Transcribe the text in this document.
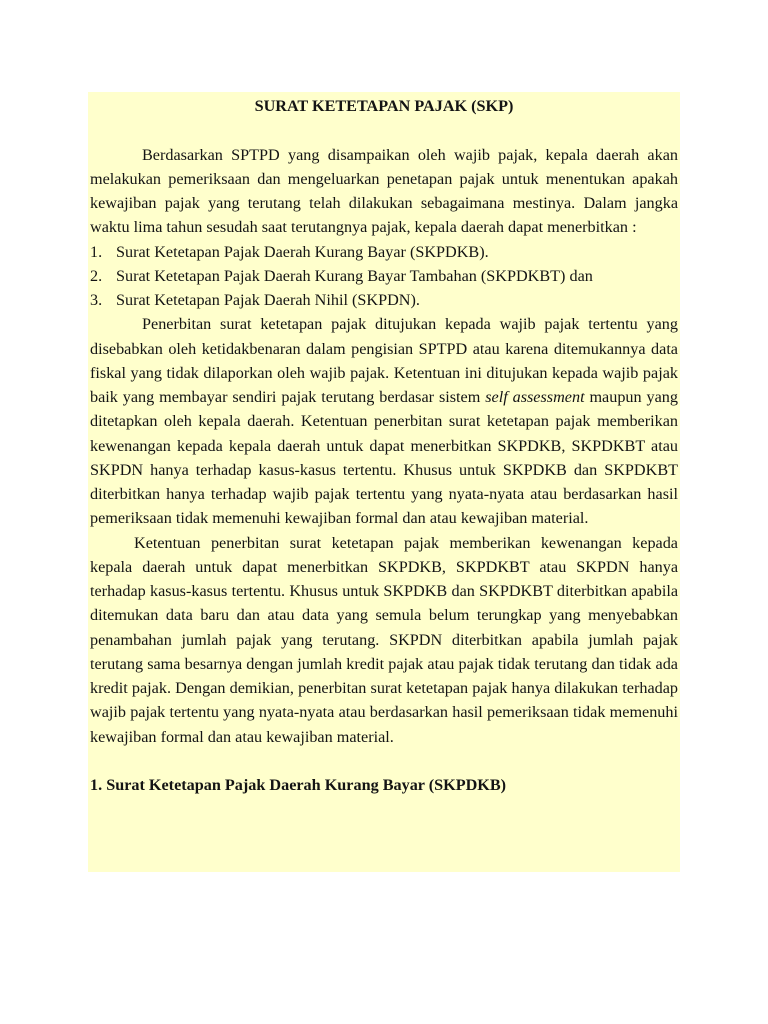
SURAT KETETAPAN PAJAK (SKP)

Berdasarkan SPTPD yang disampaikan oleh wajib pajak, kepala daerah akan melakukan pemeriksaan dan mengeluarkan penetapan pajak untuk menentukan apakah kewajiban pajak yang terutang telah dilakukan sebagaimana mestinya. Dalam jangka waktu lima tahun sesudah saat terutangnya pajak, kepala daerah dapat menerbitkan :

1. Surat Ketetapan Pajak Daerah Kurang Bayar (SKPDKB).
2. Surat Ketetapan Pajak Daerah Kurang Bayar Tambahan (SKPDKBT) dan
3. Surat Ketetapan Pajak Daerah Nihil (SKPDN).

Penerbitan surat ketetapan pajak ditujukan kepada wajib pajak tertentu yang disebabkan oleh ketidakbenaran dalam pengisian SPTPD atau karena ditemukannya data fiskal yang tidak dilaporkan oleh wajib pajak. Ketentuan ini ditujukan kepada wajib pajak baik yang membayar sendiri pajak terutang berdasar sistem self assessment maupun yang ditetapkan oleh kepala daerah. Ketentuan penerbitan surat ketetapan pajak memberikan kewenangan kepada kepala daerah untuk dapat menerbitkan SKPDKB, SKPDKBT atau SKPDN hanya terhadap kasus-kasus tertentu. Khusus untuk SKPDKB dan SKPDKBT diterbitkan hanya terhadap wajib pajak tertentu yang nyata-nyata atau berdasarkan hasil pemeriksaan tidak memenuhi kewajiban formal dan atau kewajiban material.

Ketentuan penerbitan surat ketetapan pajak memberikan kewenangan kepada kepala daerah untuk dapat menerbitkan SKPDKB, SKPDKBT atau SKPDN hanya terhadap kasus-kasus tertentu. Khusus untuk SKPDKB dan SKPDKBT diterbitkan apabila ditemukan data baru dan atau data yang semula belum terungkap yang menyebabkan penambahan jumlah pajak yang terutang. SKPDN diterbitkan apabila jumlah pajak terutang sama besarnya dengan jumlah kredit pajak atau pajak tidak terutang dan tidak ada kredit pajak. Dengan demikian, penerbitan surat ketetapan pajak hanya dilakukan terhadap wajib pajak tertentu yang nyata-nyata atau berdasarkan hasil pemeriksaan tidak memenuhi kewajiban formal dan atau kewajiban material.

1. Surat Ketetapan Pajak Daerah Kurang Bayar (SKPDKB)
